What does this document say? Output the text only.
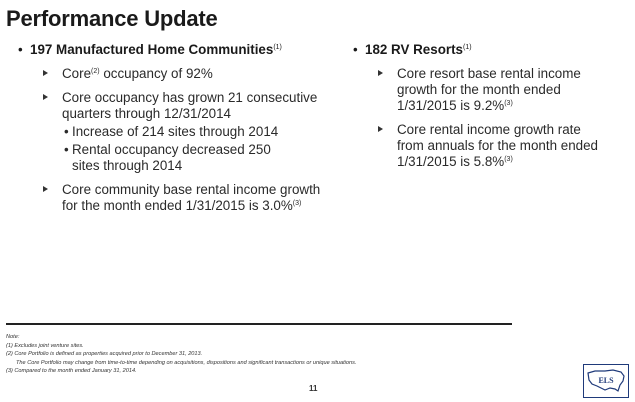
Performance Update
• 197 Manufactured Home Communities$^{(1)}$
Core$^{(2)}$ occupancy of 92%
Core occupancy has grown 21 consecutive quarters through 12/31/2014
• Increase of 214 sites through 2014
• Rental occupancy decreased 250 sites through 2014
Core community base rental income growth for the month ended 1/31/2015 is 3.0%$^{(3)}$
• 182 RV Resorts$^{(1)}$
Core resort base rental income growth for the month ended 1/31/2015 is 9.2%$^{(3)}$
Core rental income growth rate from annuals for the month ended 1/31/2015 is 5.8%$^{(3)}$
Note:
(1) Excludes joint venture sites.
(2) Core Portfolio is defined as properties acquired prior to December 31, 2013.
The Core Portfolio may change from time-to-time depending on acquisitions, dispositions and significant transactions or unique situations.
(3) Compared to the month ended January 31, 2014.
11
ELS
